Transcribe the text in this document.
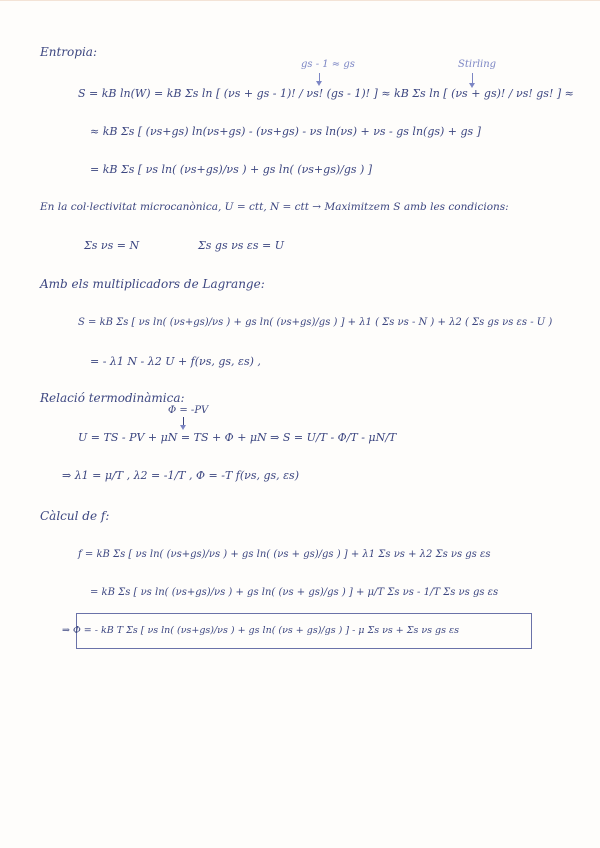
Entropia:
gs - 1 ≈ gs	Stirling
S = kB ln(W) = kB Σs ln [ (νs + gs - 1)! / νs! (gs - 1)! ] ≈ kB Σs ln [ (νs + gs)! / νs! gs! ] ≈
≈ kB Σs [ (νs+gs) ln(νs+gs) - (νs+gs) - νs ln(νs) + νs - gs ln(gs) + gs ]
= kB Σs [ νs ln( (νs+gs)/νs ) + gs ln( (νs+gs)/gs ) ]
En la col·lectivitat microcanònica, U = ctt, N = ctt → Maximitzem S amb les condicions:
Σs νs = N	Σs gs νs εs = U
Amb els multiplicadors de Lagrange:
S = kB Σs [ νs ln( (νs+gs)/νs ) + gs ln( (νs+gs)/gs ) ] + λ1 ( Σs νs - N ) + λ2 ( Σs gs νs εs - U )
= - λ1 N - λ2 U + f(νs, gs, εs) ,
Relació termodinàmica:
Φ = -PV
U = TS - PV + μN = TS + Φ + μN ⇒ S = U/T - Φ/T - μN/T
⇒ λ1 = μ/T , λ2 = -1/T , Φ = -T f(νs, gs, εs)
Càlcul de f:
f = kB Σs [ νs ln( (νs+gs)/νs ) + gs ln( (νs + gs)/gs ) ] + λ1 Σs νs + λ2 Σs νs gs εs
= kB Σs [ νs ln( (νs+gs)/νs ) + gs ln( (νs + gs)/gs ) ] + μ/T Σs νs - 1/T Σs νs gs εs
⇒ Φ = - kB T Σs [ νs ln( (νs+gs)/νs ) + gs ln( (νs + gs)/gs ) ] - μ Σs νs + Σs νs gs εs
